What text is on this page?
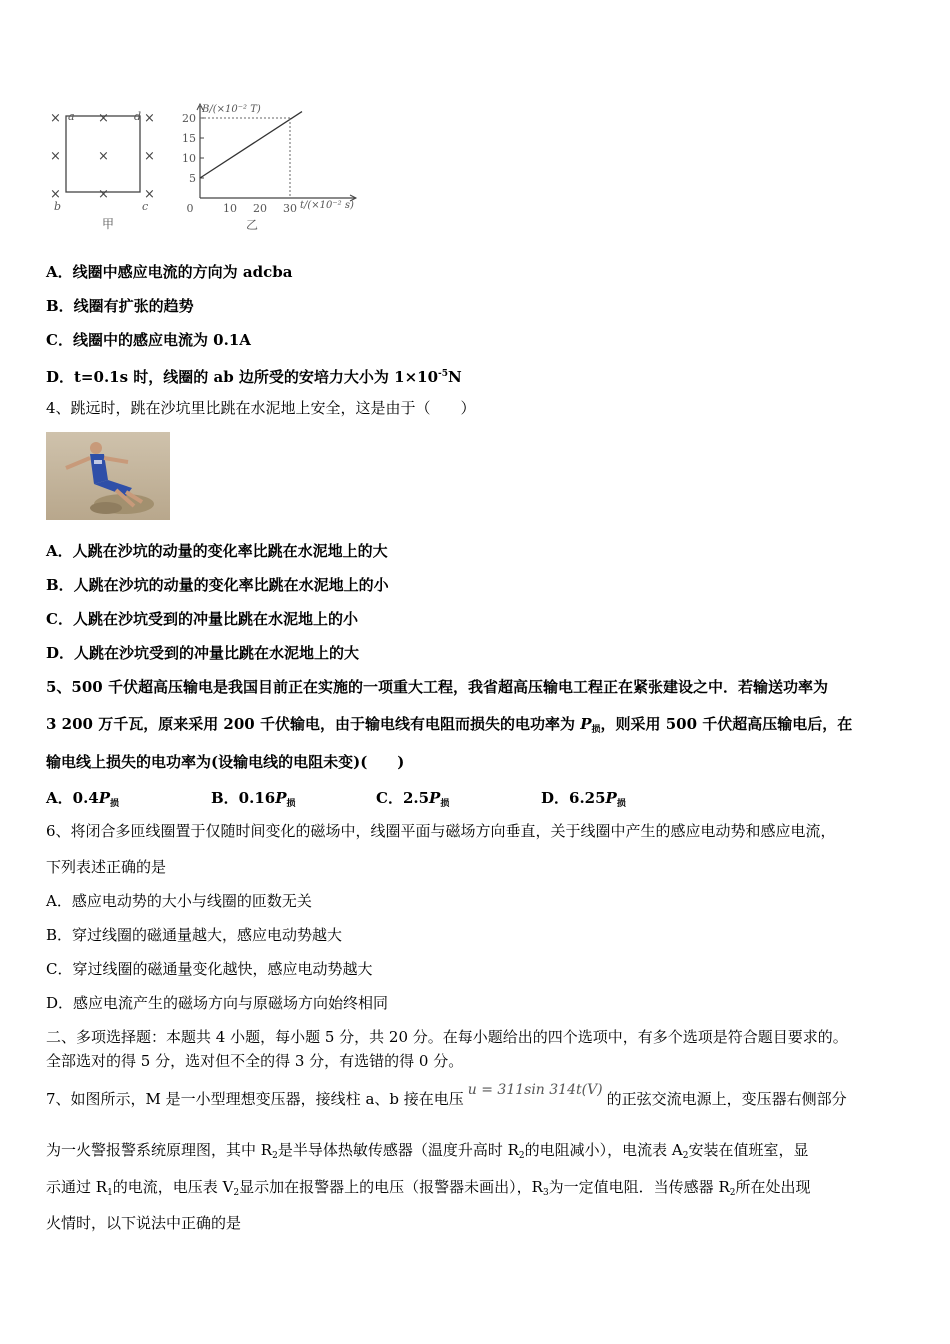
×	×	×
×	×	×
×	×	×
a
b	c
d
甲
B/(×10⁻² T)
t/(×10⁻² s)
乙
5
10
15
20
0	10 20 30
A．线圈中感应电流的方向为 adcba
B．线圈有扩张的趋势
C．线圈中的感应电流为 0.1A
D．t=0.1s 时，线圈的 ab 边所受的安培力大小为 $1\times 10^{-5}N$
4、跳远时，跳在沙坑里比跳在水泥地上安全，这是由于（　　）
A．人跳在沙坑的动量的变化率比跳在水泥地上的大
B．人跳在沙坑的动量的变化率比跳在水泥地上的小
C．人跳在沙坑受到的冲量比跳在水泥地上的小
D．人跳在沙坑受到的冲量比跳在水泥地上的大
5、500 千伏超高压输电是我国目前正在实施的一项重大工程，我省超高压输电工程正在紧张建设之中．若输送功率为
3 200 万千瓦，原来采用 200 千伏输电，由于输电线有电阻而损失的电功率为 $P_损$，则采用 500 千伏超高压输电后，在
输电线上损失的电功率为(设输电线的电阻未变)(　　)
A．$0.4P_损$	B．$0.16P_损$	C．$2.5P_损$	D．$6.25P_损$
6、将闭合多匝线圈置于仅随时间变化的磁场中，线圈平面与磁场方向垂直，关于线圈中产生的感应电动势和感应电流，
下列表述正确的是
A．感应电动势的大小与线圈的匝数无关
B．穿过线圈的磁通量越大，感应电动势越大
C．穿过线圈的磁通量变化越快，感应电动势越大
D．感应电流产生的磁场方向与原磁场方向始终相同
二、多项选择题：本题共 4 小题，每小题 5 分，共 20 分。在每小题给出的四个选项中，有多个选项是符合题目要求的。
全部选对的得 5 分，选对但不全的得 3 分，有选错的得 0 分。
7、如图所示，M 是一小型理想变压器，接线柱 a、b 接在电压 u = 311sin 314t(V) 的正弦交流电源上，变压器右侧部分
为一火警报警系统原理图，其中 $R_2$是半导体热敏传感器（温度升高时 $R_2$的电阻减小），电流表 $A_2$安装在值班室，显
示通过 $R_1$的电流，电压表 $V_2$显示加在报警器上的电压（报警器未画出），$R_3$为一定值电阻．当传感器 $R_2$所在处出现
火情时，以下说法中正确的是
